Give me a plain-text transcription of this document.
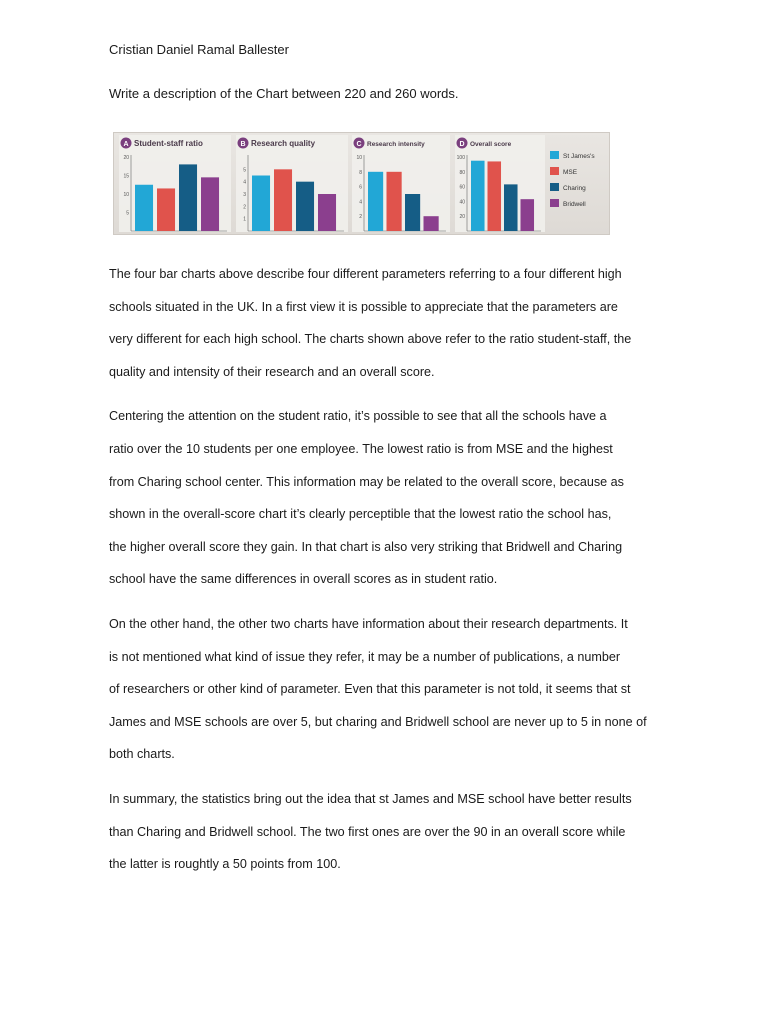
Cristian Daniel Ramal Ballester
Write a description of the Chart between 220 and 260 words.
A Student-staff ratio
20
15
10
5
B Research quality
5
4
3
2
1
C Research intensity
10
8
6
4
2
D Overall score
100
80
60
40
20
St James's
MSE
Charing
Bridwell

The four bar charts above describe four different parameters referring to a four different high
schools situated in the UK. In a first view it is possible to appreciate that the parameters are
very different for each high school. The charts shown above refer to the ratio student-staff, the
quality and intensity of their research and an overall score.

Centering the attention on the student ratio, it’s possible to see that all the schools have a
ratio over the 10 students per one employee. The lowest ratio is from MSE and the highest
from Charing school center. This information may be related to the overall score, because as
shown in the overall-score chart it’s clearly perceptible that the lowest ratio the school has,
the higher overall score they gain. In that chart is also very striking that Bridwell and Charing
school have the same differences in overall scores as in student ratio.

On the other hand, the other two charts have information about their research departments. It
is not mentioned what kind of issue they refer, it may be a number of publications, a number
of researchers or other kind of parameter. Even that this parameter is not told, it seems that st
James and MSE schools are over 5, but charing and Bridwell school are never up to 5 in none of
both charts.

In summary, the statistics bring out the idea that st James and MSE school have better results
than Charing and Bridwell school. The two first ones are over the 90 in an overall score while
the latter is roughtly a 50 points from 100.
